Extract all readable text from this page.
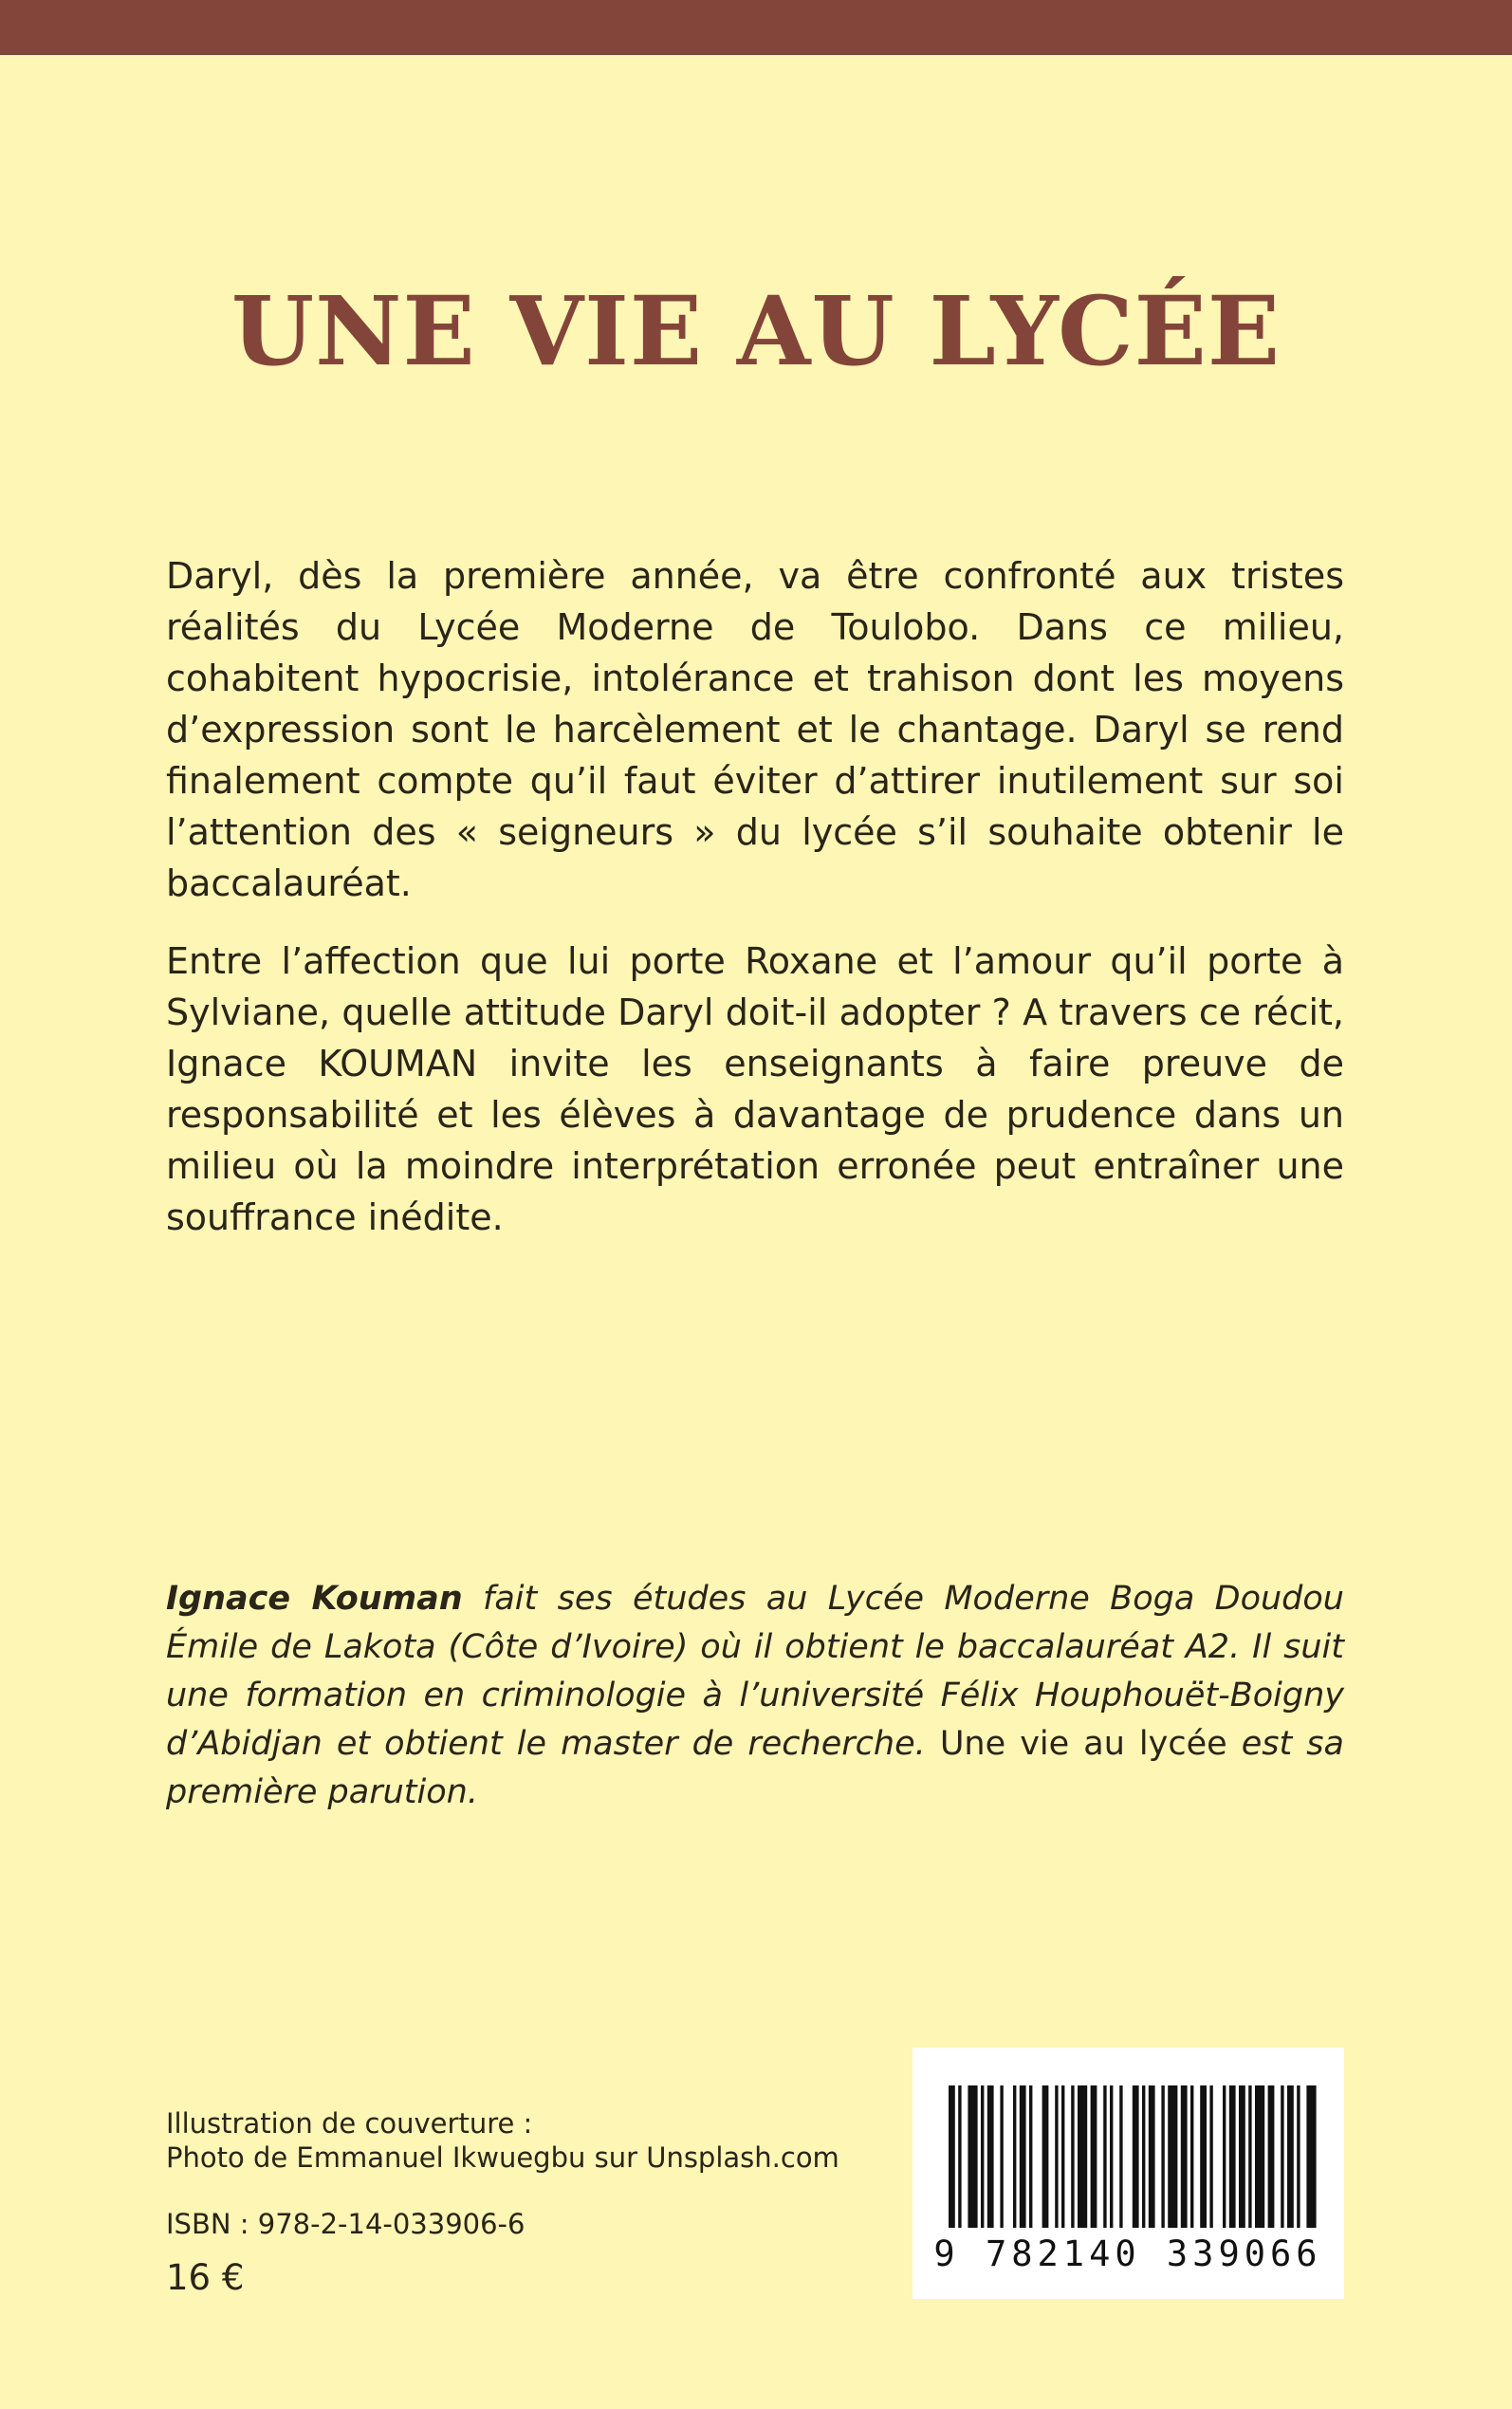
UNE VIE AU LYCÉE

Daryl, dès la première année, va être confronté aux tristes réalités du Lycée Moderne de Toulobo. Dans ce milieu, cohabitent hypocrisie, intolérance et trahison dont les moyens d’expression sont le harcèlement et le chantage. Daryl se rend finalement compte qu’il faut éviter d’attirer inutilement sur soi l’attention des « seigneurs » du lycée s’il souhaite obtenir le baccalauréat.

Entre l’affection que lui porte Roxane et l’amour qu’il porte à Sylviane, quelle attitude Daryl doit-il adopter ? A travers ce récit, Ignace KOUMAN invite les enseignants à faire preuve de responsabilité et les élèves à davantage de prudence dans un milieu où la moindre interprétation erronée peut entraîner une souffrance inédite.

Ignace Kouman fait ses études au Lycée Moderne Boga Doudou Émile de Lakota (Côte d’Ivoire) où il obtient le baccalauréat A2. Il suit une formation en criminologie à l’université Félix Houphouët-Boigny d’Abidjan et obtient le master de recherche. Une vie au lycée est sa première parution.
Illustration de couverture :
Photo de Emmanuel Ikwuegbu sur Unsplash.com
ISBN : 978-2-14-033906-6
16 €
9 782140 339066
